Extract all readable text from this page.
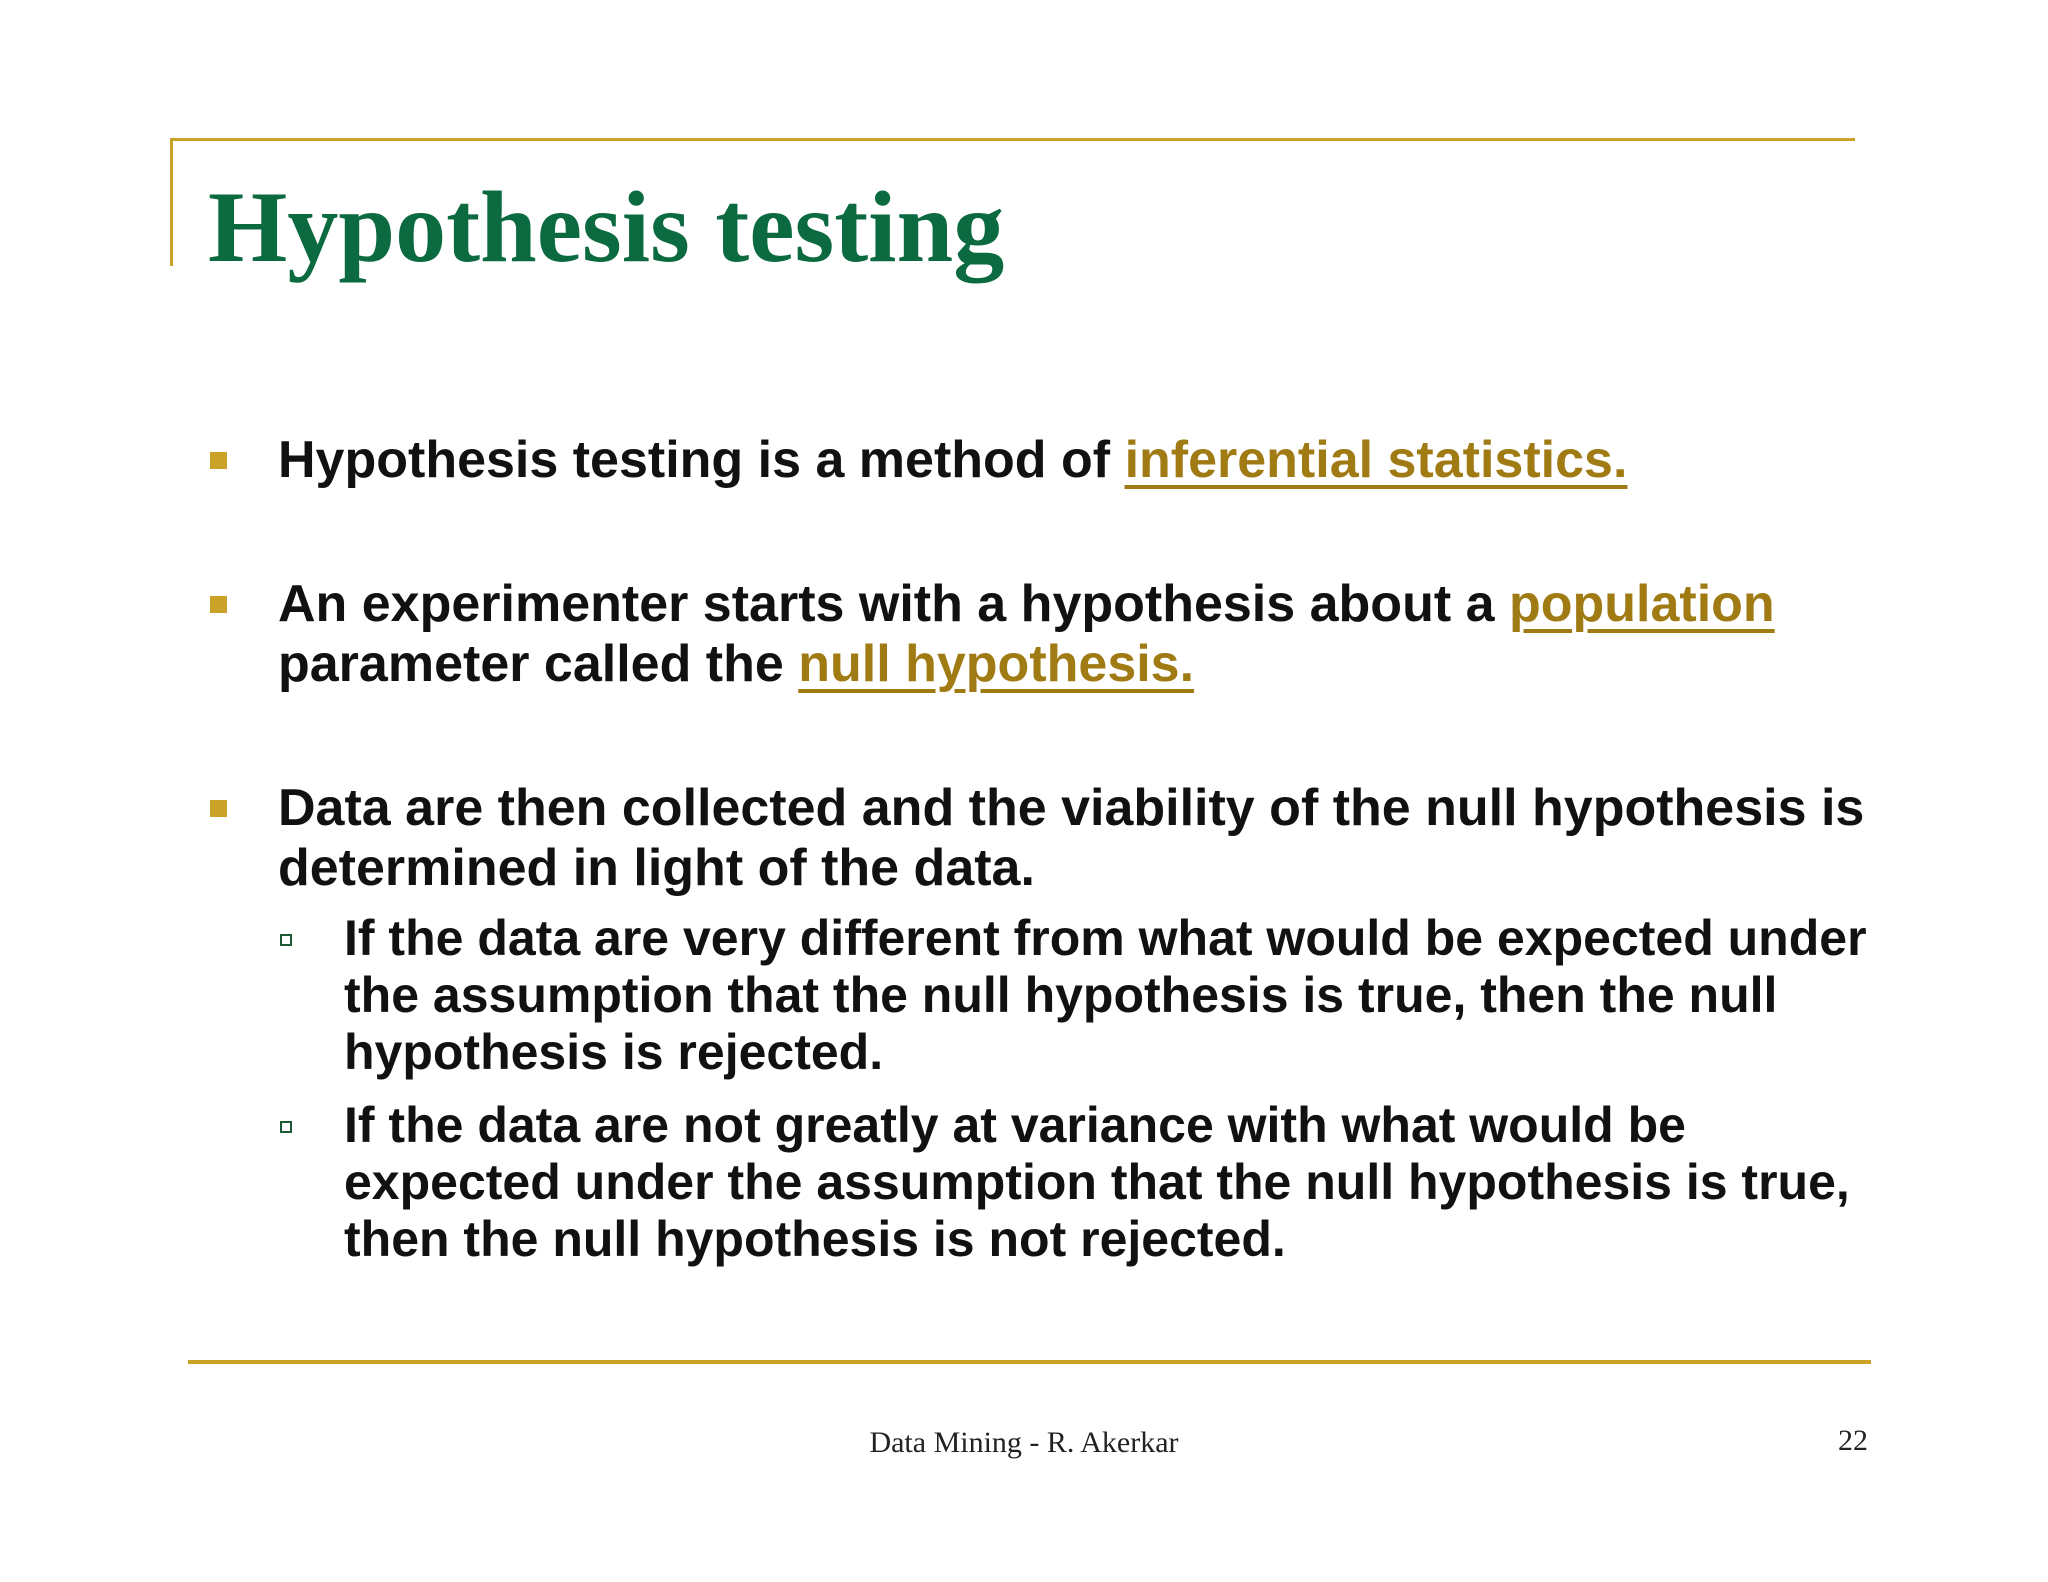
Hypothesis testing
Hypothesis testing is a method of inferential statistics.
An experimenter starts with a hypothesis about a population parameter called the null hypothesis.
Data are then collected and the viability of the null hypothesis is determined in light of the data.
If the data are very different from what would be expected under the assumption that the null hypothesis is true, then the null hypothesis is rejected.
If the data are not greatly at variance with what would be expected under the assumption that the null hypothesis is true, then the null hypothesis is not rejected.
Data Mining - R. Akerkar	22
